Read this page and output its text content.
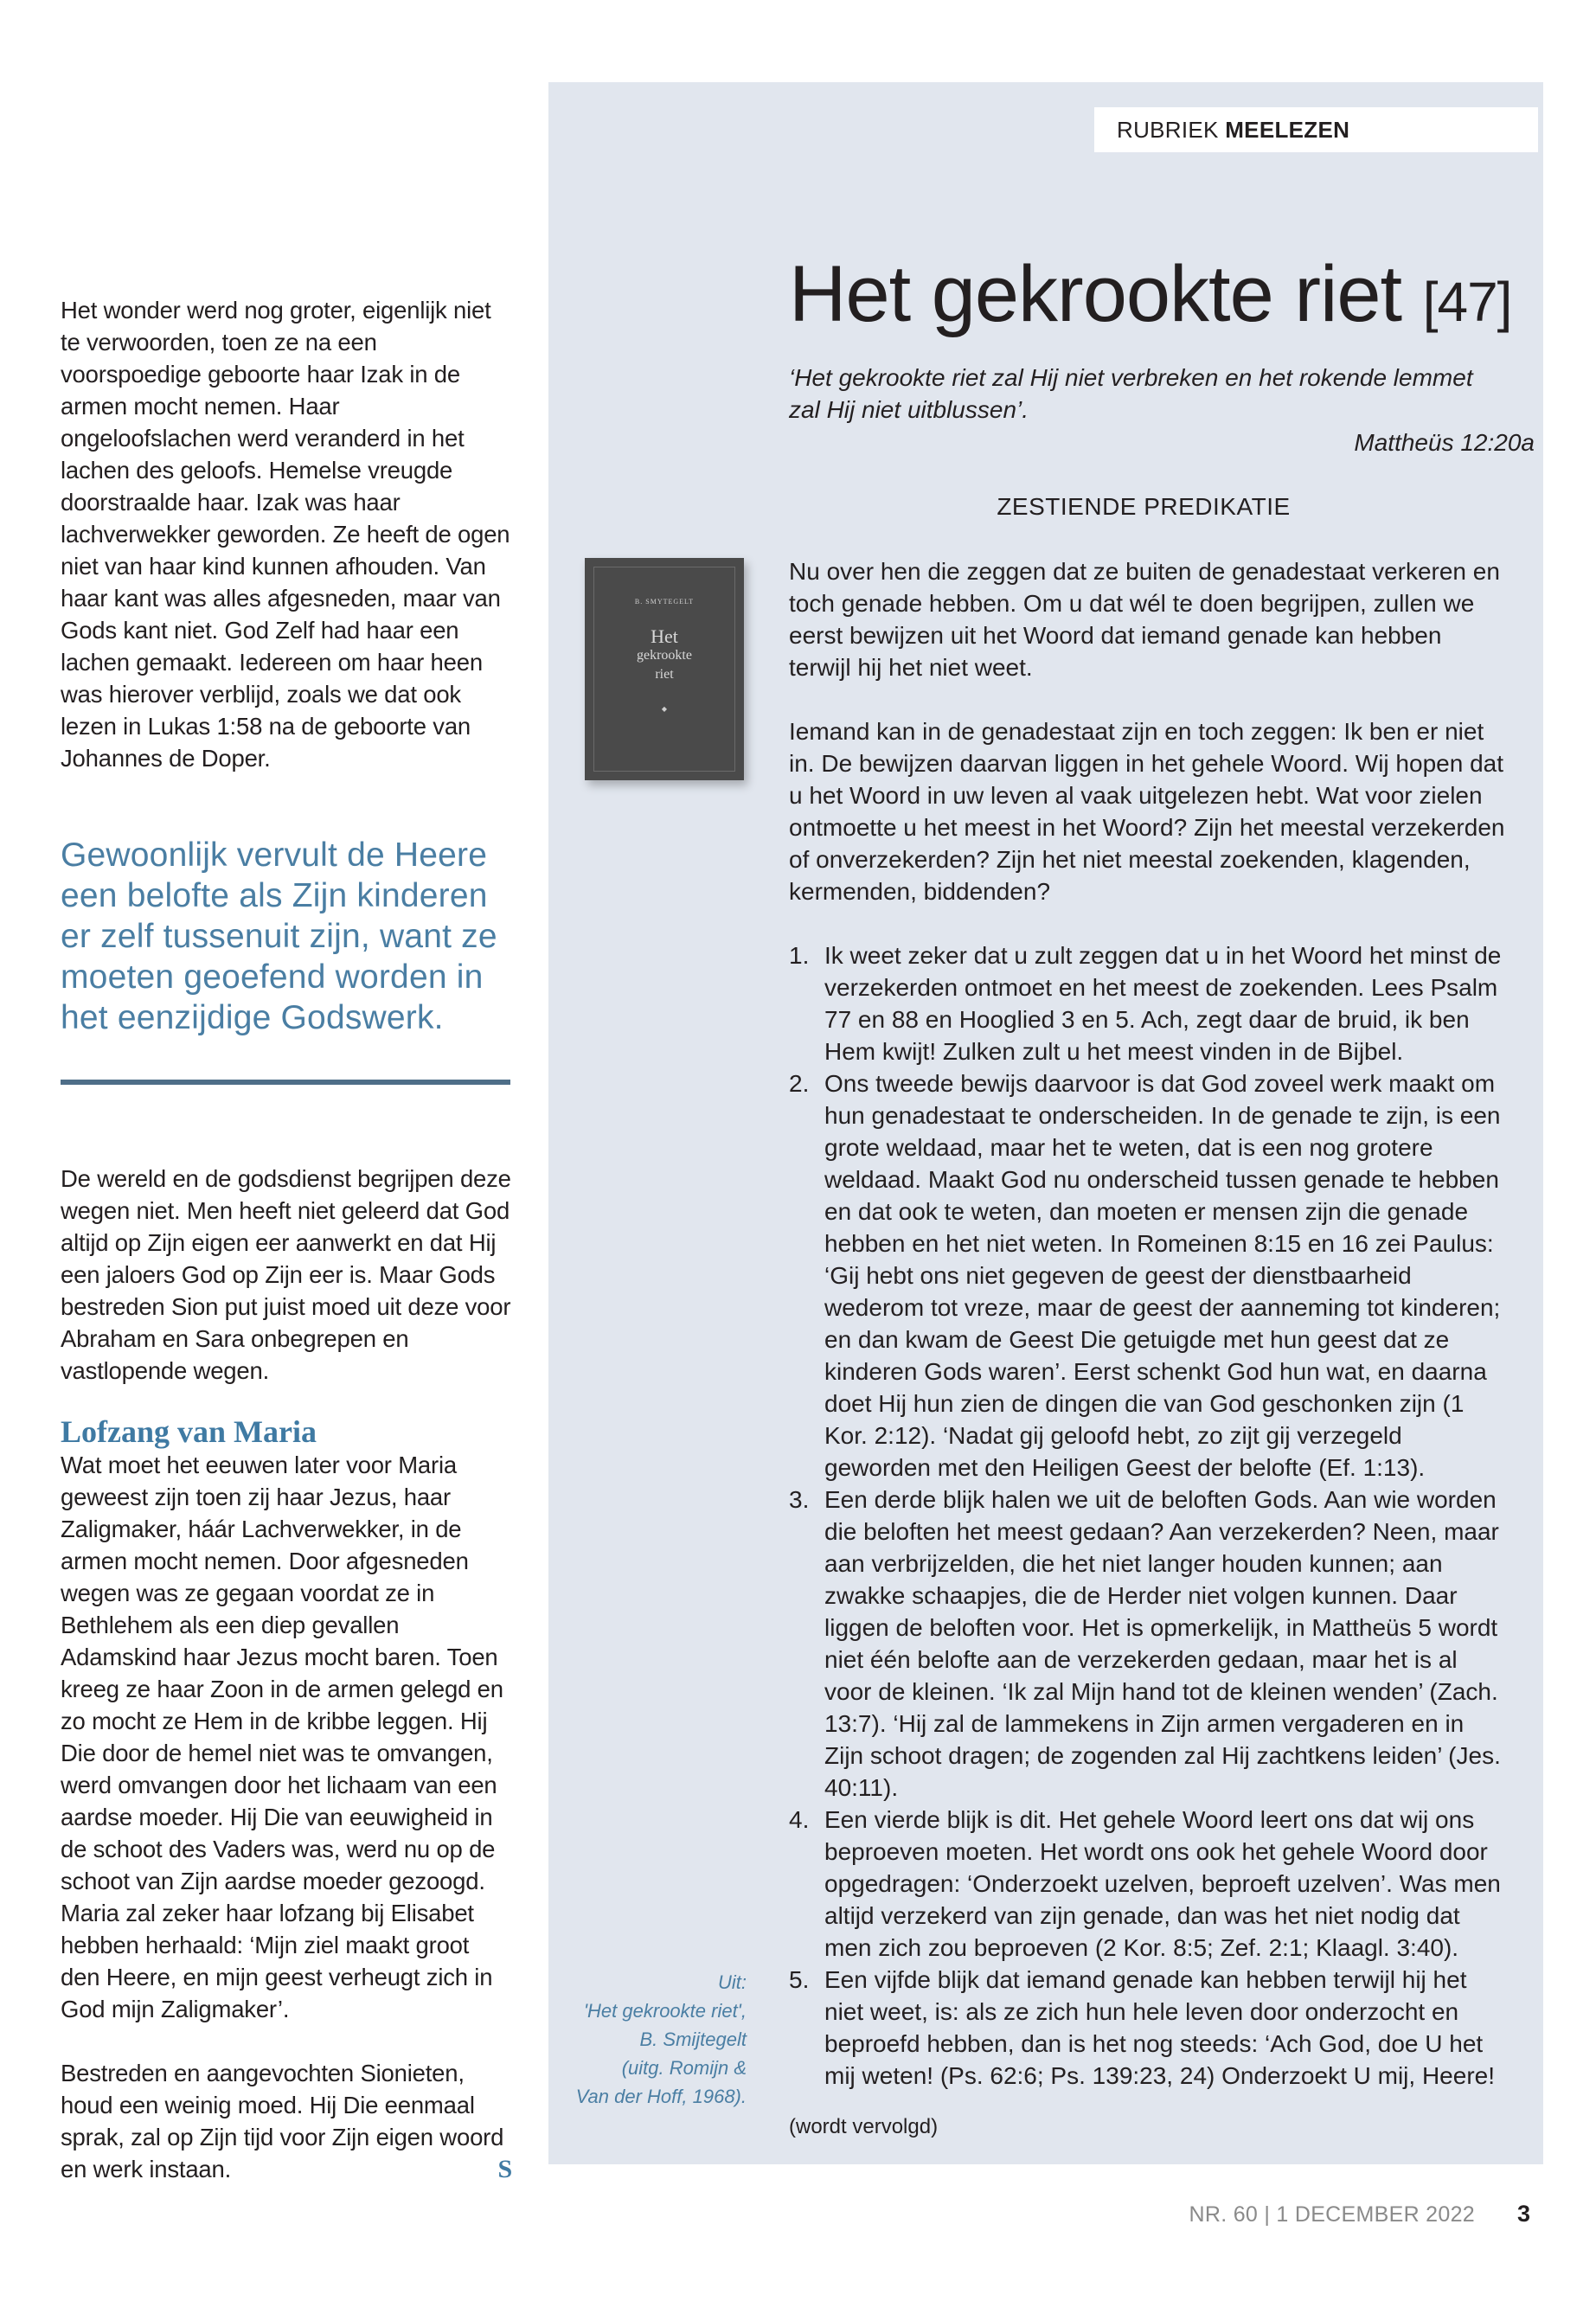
Het wonder werd nog groter, eigenlijk niet te verwoorden, toen ze na een voorspoedige geboorte haar Izak in de armen mocht nemen. Haar ongeloofslachen werd veranderd in het lachen des geloofs. Hemelse vreugde doorstraalde haar. Izak was haar lachverwekker geworden. Ze heeft de ogen niet van haar kind kunnen afhouden. Van haar kant was alles afgesneden, maar van Gods kant niet. God Zelf had haar een lachen gemaakt. Iedereen om haar heen was hierover verblijd, zoals we dat ook lezen in Lukas 1:58 na de geboorte van Johannes de Doper.

Gewoonlijk vervult de Heere een belofte als Zijn kinderen er zelf tussenuit zijn, want ze moeten geoefend worden in het eenzijdige Godswerk.

De wereld en de godsdienst begrijpen deze wegen niet. Men heeft niet geleerd dat God altijd op Zijn eigen eer aanwerkt en dat Hij een jaloers God op Zijn eer is. Maar Gods bestreden Sion put juist moed uit deze voor Abraham en Sara onbegrepen en vastlopende wegen.

Lofzang van Maria

Wat moet het eeuwen later voor Maria geweest zijn toen zij haar Jezus, haar Zaligmaker, háár Lachverwekker, in de armen mocht nemen. Door afgesneden wegen was ze gegaan voordat ze in Bethlehem als een diep gevallen Adamskind haar Jezus mocht baren. Toen kreeg ze haar Zoon in de armen gelegd en zo mocht ze Hem in de kribbe leggen. Hij Die door de hemel niet was te omvangen, werd omvangen door het lichaam van een aardse moeder. Hij Die van eeuwigheid in de schoot des Vaders was, werd nu op de schoot van Zijn aardse moeder gezoogd. Maria zal zeker haar lofzang bij Elisabet hebben herhaald: ‘Mijn ziel maakt groot den Heere, en mijn geest verheugt zich in God mijn Zaligmaker’.

Bestreden en aangevochten Sionieten, houd een weinig moed. Hij Die eenmaal sprak, zal op Zijn tijd voor Zijn eigen woord en werk instaan.	S

RUBRIEK MEELEZEN
Het gekrookte riet [47]

‘Het gekrookte riet zal Hij niet verbreken en het rokende lemmet zal Hij niet uitblussen’.

Mattheüs 12:20a

ZESTIENDE PREDIKATIE

B. SMYTEGELT
Het
gekrookte
riet
◆

Nu over hen die zeggen dat ze buiten de genadestaat verkeren en toch genade hebben. Om u dat wél te doen begrijpen, zullen we eerst bewijzen uit het Woord dat iemand genade kan hebben terwijl hij het niet weet.

Iemand kan in de genadestaat zijn en toch zeggen: Ik ben er niet in. De bewijzen daarvan liggen in het gehele Woord. Wij hopen dat u het Woord in uw leven al vaak uitgelezen hebt. Wat voor zielen ontmoette u het meest in het Woord? Zijn het meestal verzekerden of onverzekerden? Zijn het niet meestal zoekenden, klagenden, kermenden, biddenden?

1. Ik weet zeker dat u zult zeggen dat u in het Woord het minst de verzekerden ontmoet en het meest de zoekenden. Lees Psalm 77 en 88 en Hooglied 3 en 5. Ach, zegt daar de bruid, ik ben Hem kwijt! Zulken zult u het meest vinden in de Bijbel.
2. Ons tweede bewijs daarvoor is dat God zoveel werk maakt om hun genadestaat te onderscheiden. In de genade te zijn, is een grote weldaad, maar het te weten, dat is een nog grotere weldaad. Maakt God nu onderscheid tussen genade te hebben en dat ook te weten, dan moeten er mensen zijn die genade hebben en het niet weten. In Romeinen 8:15 en 16 zei Paulus: ‘Gij hebt ons niet gegeven de geest der dienstbaarheid wederom tot vreze, maar de geest der aanneming tot kinderen; en dan kwam de Geest Die getuigde met hun geest dat ze kinderen Gods waren’. Eerst schenkt God hun wat, en daarna doet Hij hun zien de dingen die van God geschonken zijn (1 Kor. 2:12). ‘Nadat gij geloofd hebt, zo zijt gij verzegeld geworden met den Heiligen Geest der belofte (Ef. 1:13).
3. Een derde blijk halen we uit de beloften Gods. Aan wie worden die beloften het meest gedaan? Aan verzekerden? Neen, maar aan verbrijzelden, die het niet langer houden kunnen; aan zwakke schaapjes, die de Herder niet volgen kunnen. Daar liggen de beloften voor. Het is opmerkelijk, in Mattheüs 5 wordt niet één belofte aan de verzekerden gedaan, maar het is al voor de kleinen. ‘Ik zal Mijn hand tot de kleinen wenden’ (Zach. 13:7). ‘Hij zal de lammekens in Zijn armen vergaderen en in Zijn schoot dragen; de zogenden zal Hij zachtkens leiden’ (Jes. 40:11).
4. Een vierde blijk is dit. Het gehele Woord leert ons dat wij ons beproeven moeten. Het wordt ons ook het gehele Woord door opgedragen: ‘Onderzoekt uzelven, beproeft uzelven’. Was men altijd verzekerd van zijn genade, dan was het niet nodig dat men zich zou beproeven (2 Kor. 8:5; Zef. 2:1; Klaagl. 3:40).
5. Een vijfde blijk dat iemand genade kan hebben terwijl hij het niet weet, is: als ze zich hun hele leven door onderzocht en beproefd hebben, dan is het nog steeds: ‘Ach God, doe U het mij weten! (Ps. 62:6; Ps. 139:23, 24) Onderzoekt U mij, Heere!

(wordt vervolgd)

Uit:
'Het gekrookte riet',
B. Smijtegelt
(uitg. Romijn &
Van der Hoff, 1968).
NR. 60 | 1 DECEMBER 2022 3
